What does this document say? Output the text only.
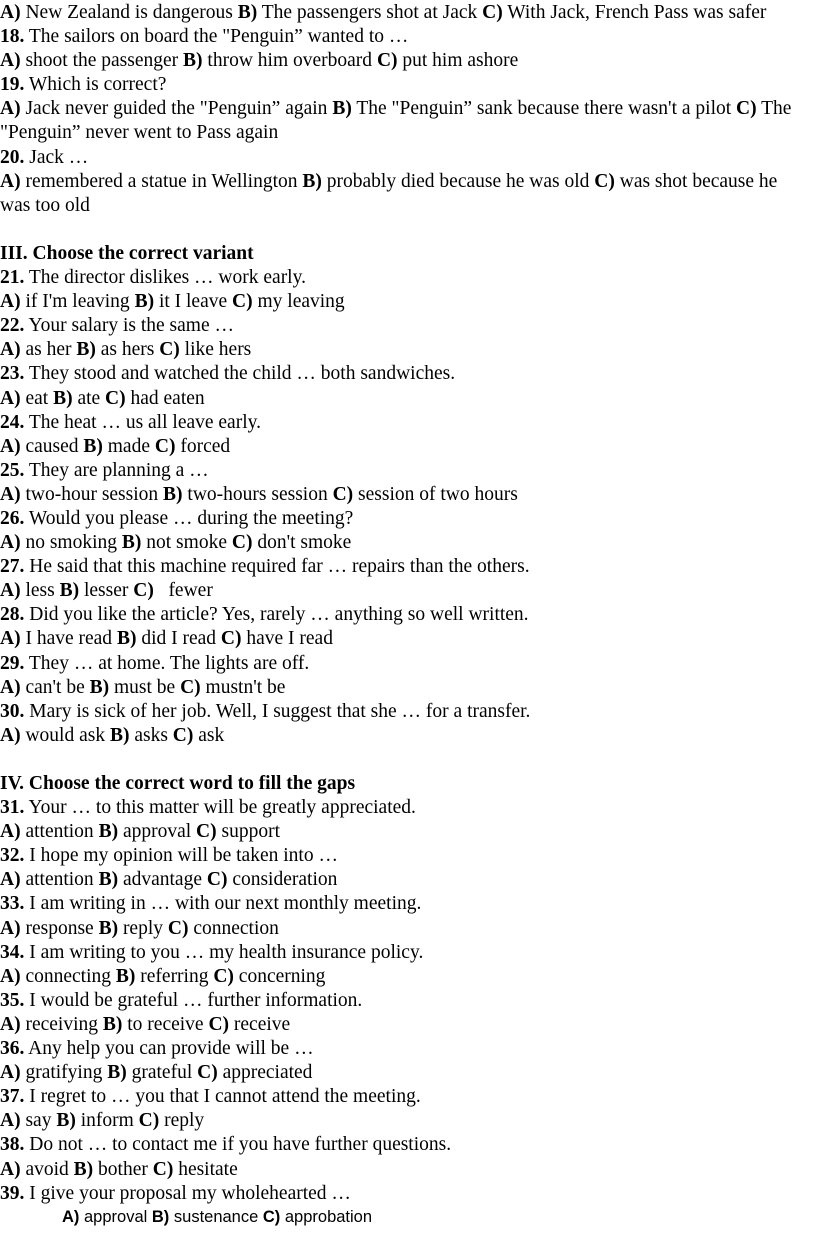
A) New Zealand is dangerous B) The passengers shot at Jack C) With Jack, French Pass was safer
18. The sailors on board the "Penguin” wanted to …
A) shoot the passenger B) throw him overboard C) put him ashore
19. Which is correct?
A) Jack never guided the "Penguin” again B) The "Penguin” sank because there wasn't a pilot C) The "Penguin” never went to Pass again
20. Jack …
A) remembered a statue in Wellington B) probably died because he was old C) was shot because he was too old
III. Choose the correct variant
21. The director dislikes … work early.
A) if I'm leaving B) it I leave C) my leaving
22. Your salary is the same …
A) as her B) as hers C) like hers
23. They stood and watched the child … both sandwiches.
A) eat B) ate C) had eaten
24. The heat … us all leave early.
A) caused B) made C) forced
25. They are planning a …
A) two-hour session B) two-hours session C) session of two hours
26. Would you please … during the meeting?
A) no smoking B) not smoke C) don't smoke
27. He said that this machine required far … repairs than the others.
A) less B) lesser C)   fewer
28. Did you like the article? Yes, rarely … anything so well written.
A) I have read B) did I read C) have I read
29. They … at home. The lights are off.
A) can't be B) must be C) mustn't be
30. Mary is sick of her job. Well, I suggest that she … for a transfer.
A) would ask B) asks C) ask
IV. Choose the correct word to fill the gaps
31. Your … to this matter will be greatly appreciated.
A) attention B) approval C) support
32. I hope my opinion will be taken into …
A) attention B) advantage C) consideration
33. I am writing in … with our next monthly meeting.
A) response B) reply C) connection
34. I am writing to you … my health insurance policy.
A) connecting B) referring C) concerning
35. I would be grateful … further information.
A) receiving B) to receive C) receive
36. Any help you can provide will be …
A) gratifying B) grateful C) appreciated
37. I regret to … you that I cannot attend the meeting.
A) say B) inform C) reply
38. Do not … to contact me if you have further questions.
A) avoid B) bother C) hesitate
39. I give your proposal my wholehearted …
A) approval B) sustenance C) approbation
